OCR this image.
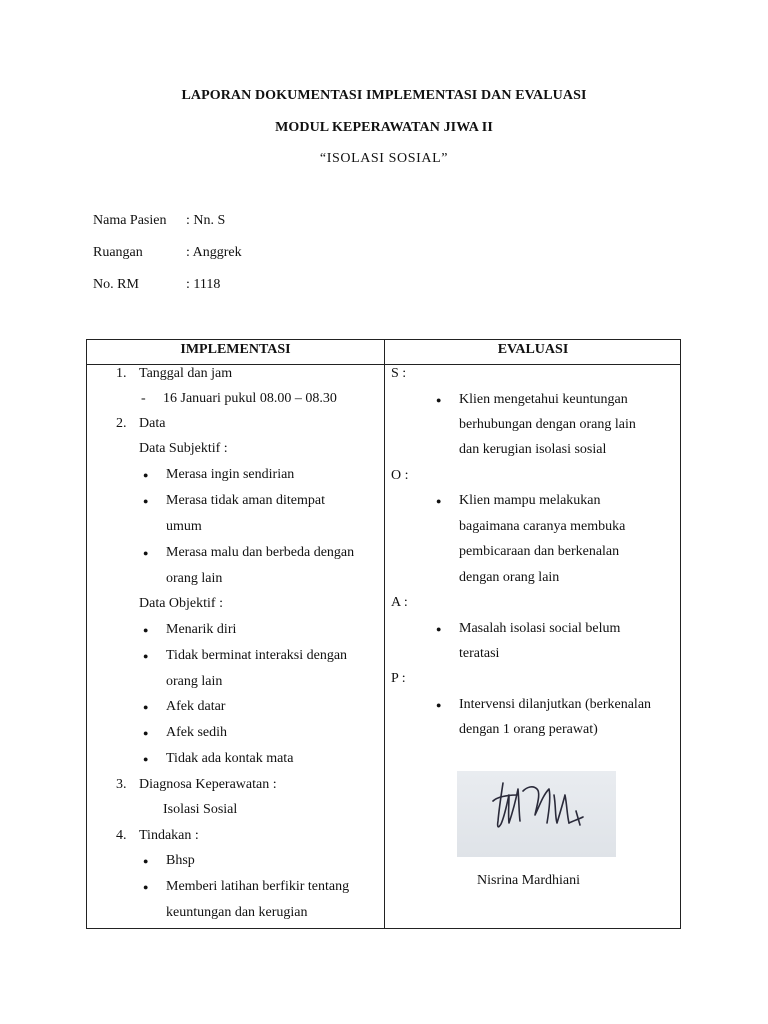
LAPORAN DOKUMENTASI IMPLEMENTASI DAN EVALUASI
MODUL KEPERAWATAN JIWA II
“ISOLASI SOSIAL”
Nama Pasien : Nn. S
Ruangan	: Anggrek
No. RM	: 1118
IMPLEMENTASI	EVALUASI
1. Tanggal dan jam
- 16 Januari pukul 08.00 – 08.30
2. Data
Data Subjektif :
● Merasa ingin sendirian
● Merasa tidak aman ditempat
umum
● Merasa malu dan berbeda dengan
orang lain
Data Objektif :
● Menarik diri
● Tidak berminat interaksi dengan
orang lain
● Afek datar
● Afek sedih
● Tidak ada kontak mata
3. Diagnosa Keperawatan :
Isolasi Sosial
4. Tindakan :
● Bhsp
● Memberi latihan berfikir tentang
keuntungan dan kerugian
S :
● Klien mengetahui keuntungan
berhubungan dengan orang lain
dan kerugian isolasi sosial
O :
● Klien mampu melakukan
bagaimana caranya membuka
pembicaraan dan berkenalan
dengan orang lain
A :
● Masalah isolasi social belum
teratasi
P :
● Intervensi dilanjutkan (berkenalan
dengan 1 orang perawat)
Nisrina Mardhiani
